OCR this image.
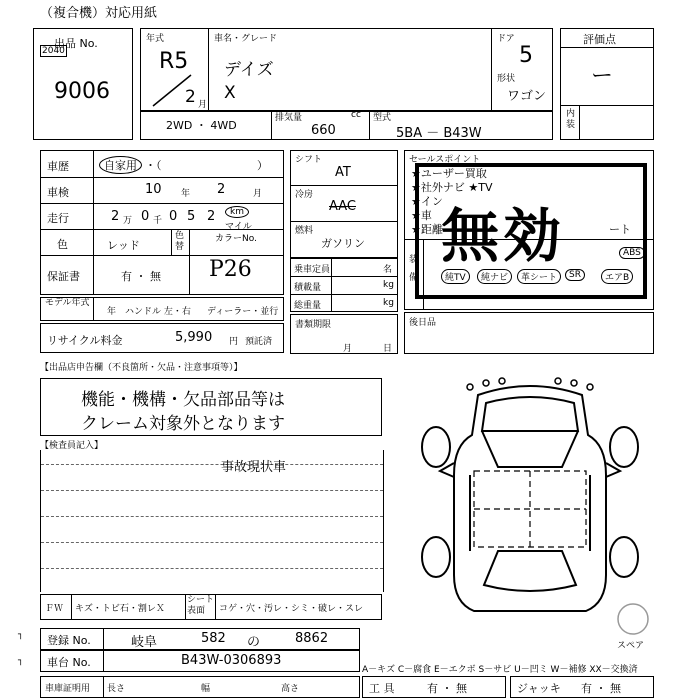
（複合機）対応用紙
出品 No.
2040
9006
年式
R5
2 月
車名・グレード
デイズ
X
ドア
5
形状
ワゴン
2WD ・ 4WD
排気量	cc
660
型式
5BA － B43W
評価点
ー
内装
車歴	自家用 ・（	）
車検	10 年 2	月
走行	2 万 0 千 0 5 2	km
マイル
色	レッド
色替
カラーNo.
保証書	有 ・ 無 P26
モデル年式
年 ハンドル 左・右 ディーラー・並行
リサイクル料金	5,990 円 預託済
シフト
AT
冷房
AAC
燃料
ガソリン
乗車定員	名
積載量	kg
総重量	kg
書類期限
月	日
セールスポイント
★ユーザー買取
★社外ナビ ★TV
★イン
★車
★距離	ート
装備	純TV	純ナビ	革シート	SR	エアB
ABS
無効
後日品
【出品店申告欄（不良箇所・欠品・注意事項等）】
機能・機構・欠品部品等は
クレーム対象外となります
【検査員記入】
事故現状車
ＦＷ キズ・トビ石・割レＸ
シート表面	コゲ・穴・汚レ・シミ・破レ・スレ
登録 No.	岐阜	582 の	8862
車台 No.	B43W-0306893
車庫証明用 長さ	幅	高さ
A－キズ C－腐食 E－エクボ S－サビ U－凹ミ W－補修 XX－交換済
工 具	有 ・ 無	ジャッキ 有 ・ 無
スペア
┐
┐
